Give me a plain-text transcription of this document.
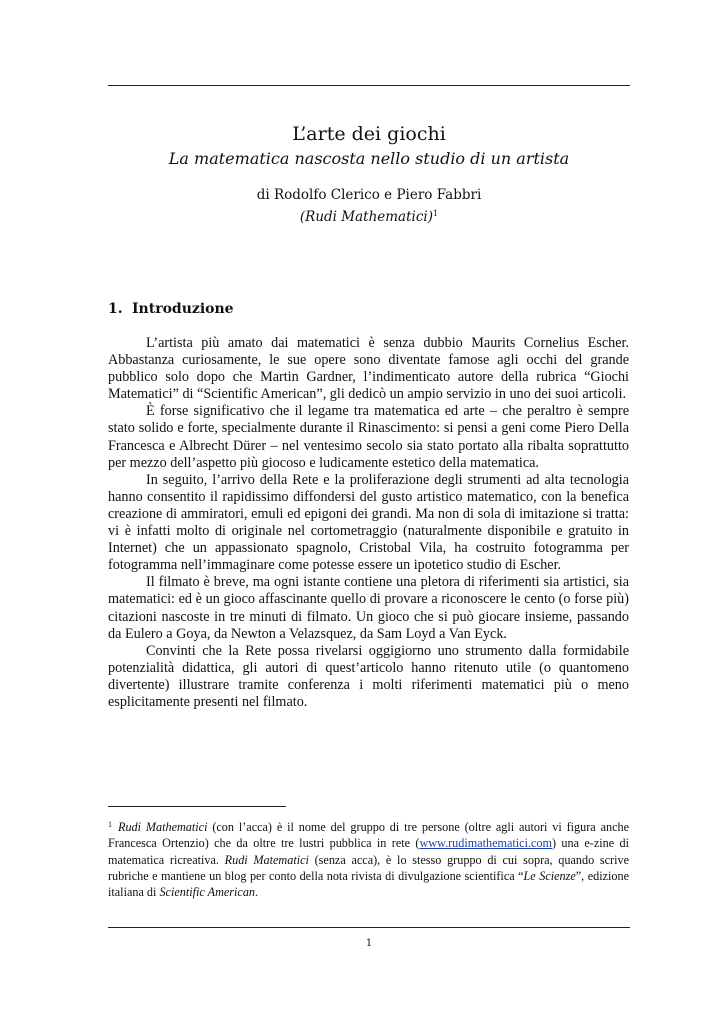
L’arte dei giochi
La matematica nascosta nello studio di un artista
di Rodolfo Clerico e Piero Fabbri
(Rudi Mathematici)$^1$
1. Introduzione

L’artista più amato dai matematici è senza dubbio Maurits Cornelius Escher. Abbastanza curiosamente, le sue opere sono diventate famose agli occhi del grande pubblico solo dopo che Martin Gardner, l’indimenticato autore della rubrica “Giochi Matematici” di “Scientific American”, gli dedicò un ampio servizio in uno dei suoi articoli.

È forse significativo che il legame tra matematica ed arte – che peraltro è sempre stato solido e forte, specialmente durante il Rinascimento: si pensi a geni come Piero Della Francesca e Albrecht Dürer – nel ventesimo secolo sia stato portato alla ribalta soprattutto per mezzo dell’aspetto più giocoso e ludicamente estetico della matematica.

In seguito, l’arrivo della Rete e la proliferazione degli strumenti ad alta tecnologia hanno consentito il rapidissimo diffondersi del gusto artistico matematico, con la benefica creazione di ammiratori, emuli ed epigoni dei grandi. Ma non di sola di imitazione si tratta: vi è infatti molto di originale nel cortometraggio (naturalmente disponibile e gratuito in Internet) che un appassionato spagnolo, Cristobal Vila, ha costruito fotogramma per fotogramma nell’immaginare come potesse essere un ipotetico studio di Escher.

Il filmato è breve, ma ogni istante contiene una pletora di riferimenti sia artistici, sia matematici: ed è un gioco affascinante quello di provare a riconoscere le cento (o forse più) citazioni nascoste in tre minuti di filmato. Un gioco che si può giocare insieme, passando da Eulero a Goya, da Newton a Velazsquez, da Sam Loyd a Van Eyck.

Convinti che la Rete possa rivelarsi oggigiorno uno strumento dalla formidabile potenzialità didattica, gli autori di quest’articolo hanno ritenuto utile (o quantomeno divertente) illustrare tramite conferenza i molti riferimenti matematici più o meno esplicitamente presenti nel filmato.

$^1$ Rudi Mathematici (con l’acca) è il nome del gruppo di tre persone (oltre agli autori vi figura anche Francesca Ortenzio) che da oltre tre lustri pubblica in rete (www.rudimathematici.com) una e-zine di matematica ricreativa. Rudi Matematici (senza acca), è lo stesso gruppo di cui sopra, quando scrive rubriche e mantiene un blog per conto della nota rivista di divulgazione scientifica “Le Scienze”, edizione italiana di Scientific American.
1
